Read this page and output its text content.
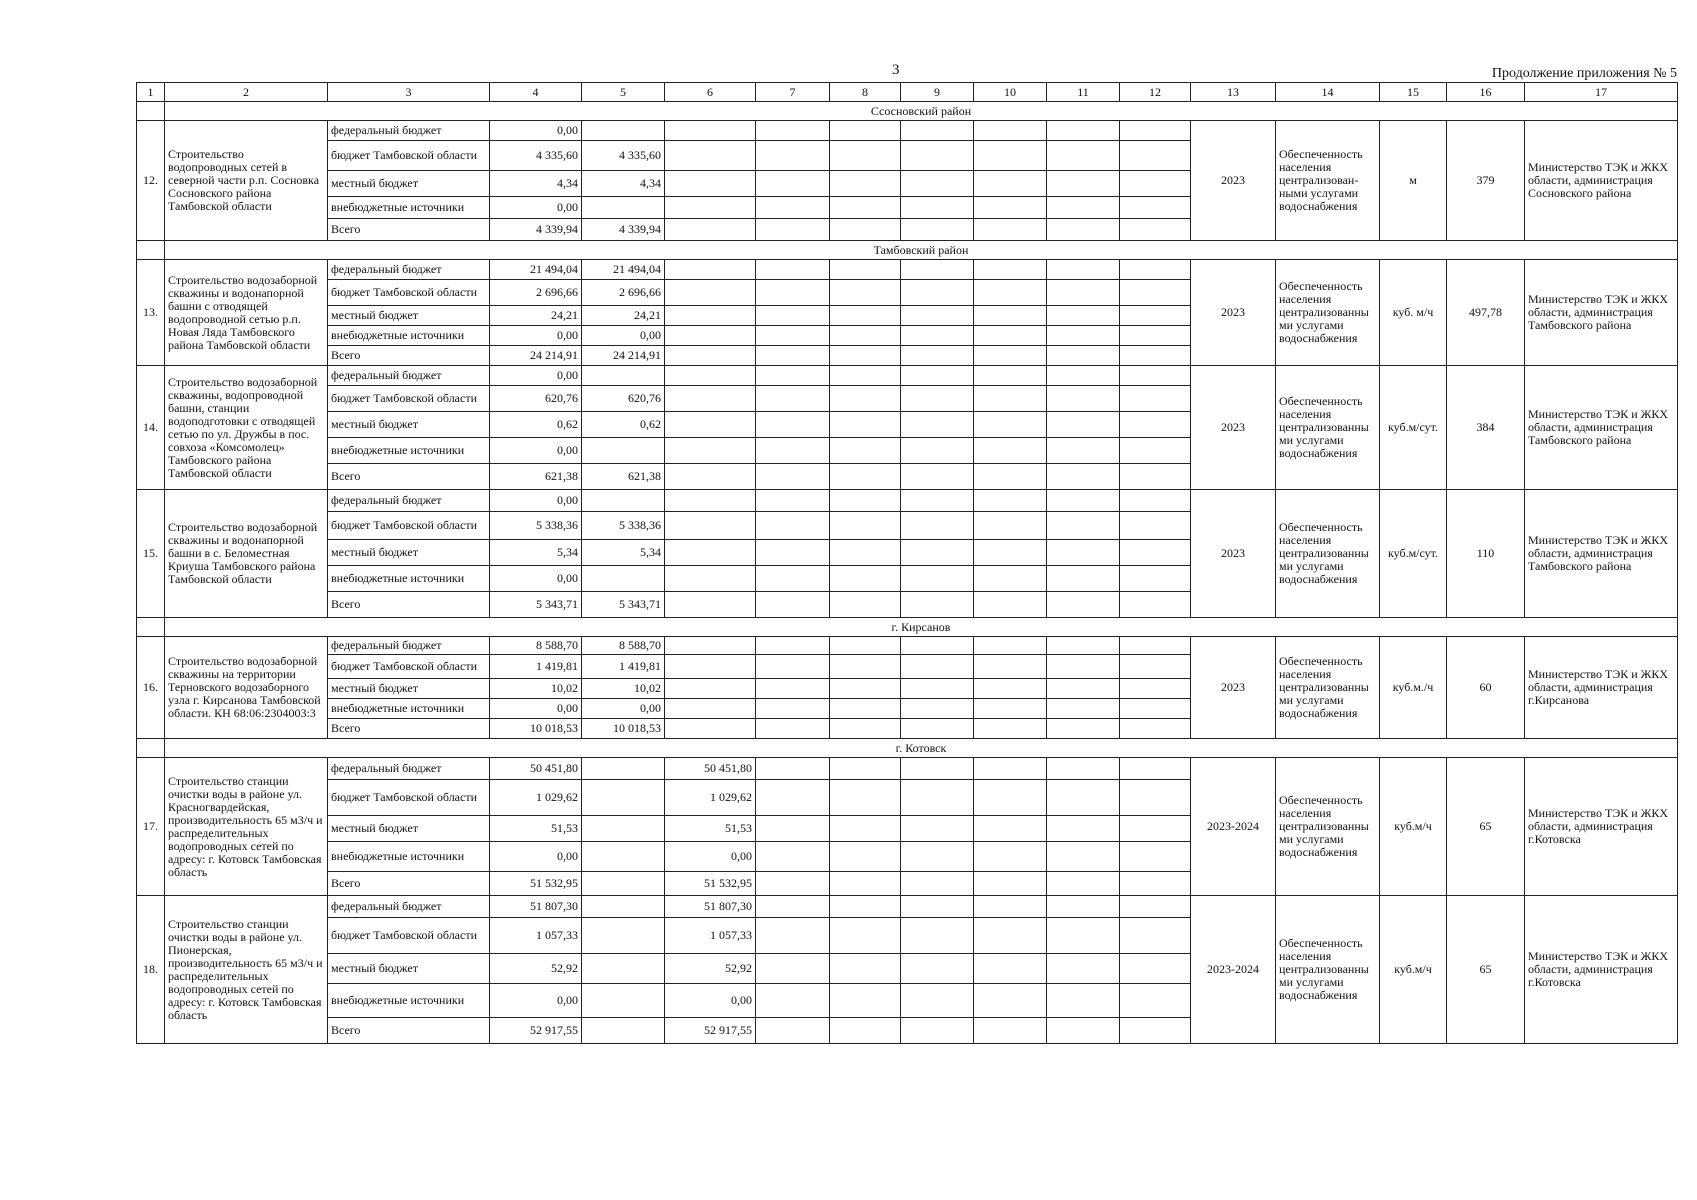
3	Продолжение приложения № 5
1	2	3	4	5	6	7	8	9	10	11	12	13	14	15	16	17
	Ссосновский район															
12.	Строительство водопроводных сетей в северной части р.п. Сосновка Сосновского района Тамбовской области	федеральный бюджет	0,00									2023	Обеспеченность населения централизован-ными услугами водоснабжения	м	379	Министерство ТЭК и ЖКХ области, администрация Сосновского района
		бюджет Тамбовской области	4 335,60	4 335,60												
		местный бюджет	4,34	4,34												
		внебюджетные источники	0,00													
		Всего	4 339,94	4 339,94												
	Тамбовский район															
13.	Строительство водозаборной скважины и водонапорной башни с отводящей водопроводной сетью р.п. Новая Ляда Тамбовского района Тамбовской области	федеральный бюджет	21 494,04	21 494,04								2023	Обеспеченность населения централизованны ми услугами водоснабжения	куб. м/ч	497,78	Министерство ТЭК и ЖКХ области, администрация Тамбовского района
		бюджет Тамбовской области	2 696,66	2 696,66												
		местный бюджет	24,21	24,21												
		внебюджетные источники	0,00	0,00												
		Всего	24 214,91	24 214,91												
14.	Строительство водозаборной скважины, водопроводной башни, станции водоподготовки с отводящей сетью по ул. Дружбы в пос. совхоза «Комсомолец» Тамбовского района Тамбовской области	федеральный бюджет	0,00									2023	Обеспеченность населения централизованны ми услугами водоснабжения	куб.м/сут.	384	Министерство ТЭК и ЖКХ области, администрация Тамбовского района
		бюджет Тамбовской области	620,76	620,76												
		местный бюджет	0,62	0,62												
		внебюджетные источники	0,00													
		Всего	621,38	621,38												
15.	Строительство водозаборной скважины и водонапорной башни в с. Беломестная Криуша Тамбовского района Тамбовской области	федеральный бюджет	0,00									2023	Обеспеченность населения централизованны ми услугами водоснабжения	куб.м/сут.	110	Министерство ТЭК и ЖКХ области, администрация Тамбовского района
		бюджет Тамбовской области	5 338,36	5 338,36												
		местный бюджет	5,34	5,34												
		внебюджетные источники	0,00													
		Всего	5 343,71	5 343,71												
	г. Кирсанов															
16.	Строительство водозаборной скважины на территории Терновского водозаборного узла г. Кирсанова Тамбовской области. КН 68:06:2304003:3	федеральный бюджет	8 588,70	8 588,70								2023	Обеспеченность населения централизованны ми услугами водоснабжения	куб.м./ч	60	Министерство ТЭК и ЖКХ области, администрация г.Кирсанова
		бюджет Тамбовской области	1 419,81	1 419,81												
		местный бюджет	10,02	10,02												
		внебюджетные источники	0,00	0,00												
		Всего	10 018,53	10 018,53												
	г. Котовск															
17.	Строительство станции очистки воды в районе ул. Красногвардейская, производительность 65 м3/ч и распределительных водопроводных сетей по адресу: г. Котовск Тамбовская область	федеральный бюджет	50 451,80		50 451,80							2023-2024	Обеспеченность населения централизованны ми услугами водоснабжения	куб.м/ч	65	Министерство ТЭК и ЖКХ области, администрация г.Котовска
		бюджет Тамбовской области	1 029,62		1 029,62											
		местный бюджет	51,53		51,53											
		внебюджетные источники	0,00		0,00											
		Всего	51 532,95		51 532,95											
18.	Строительство станции очистки воды в районе ул. Пионерская, производительность 65 м3/ч и распределительных водопроводных сетей по адресу: г. Котовск Тамбовская область	федеральный бюджет	51 807,30		51 807,30							2023-2024	Обеспеченность населения централизованны ми услугами водоснабжения	куб.м/ч	65	Министерство ТЭК и ЖКХ области, администрация г.Котовска
		бюджет Тамбовской области	1 057,33		1 057,33											
		местный бюджет	52,92		52,92											
		внебюджетные источники	0,00		0,00											
		Всего	52 917,55		52 917,55											
